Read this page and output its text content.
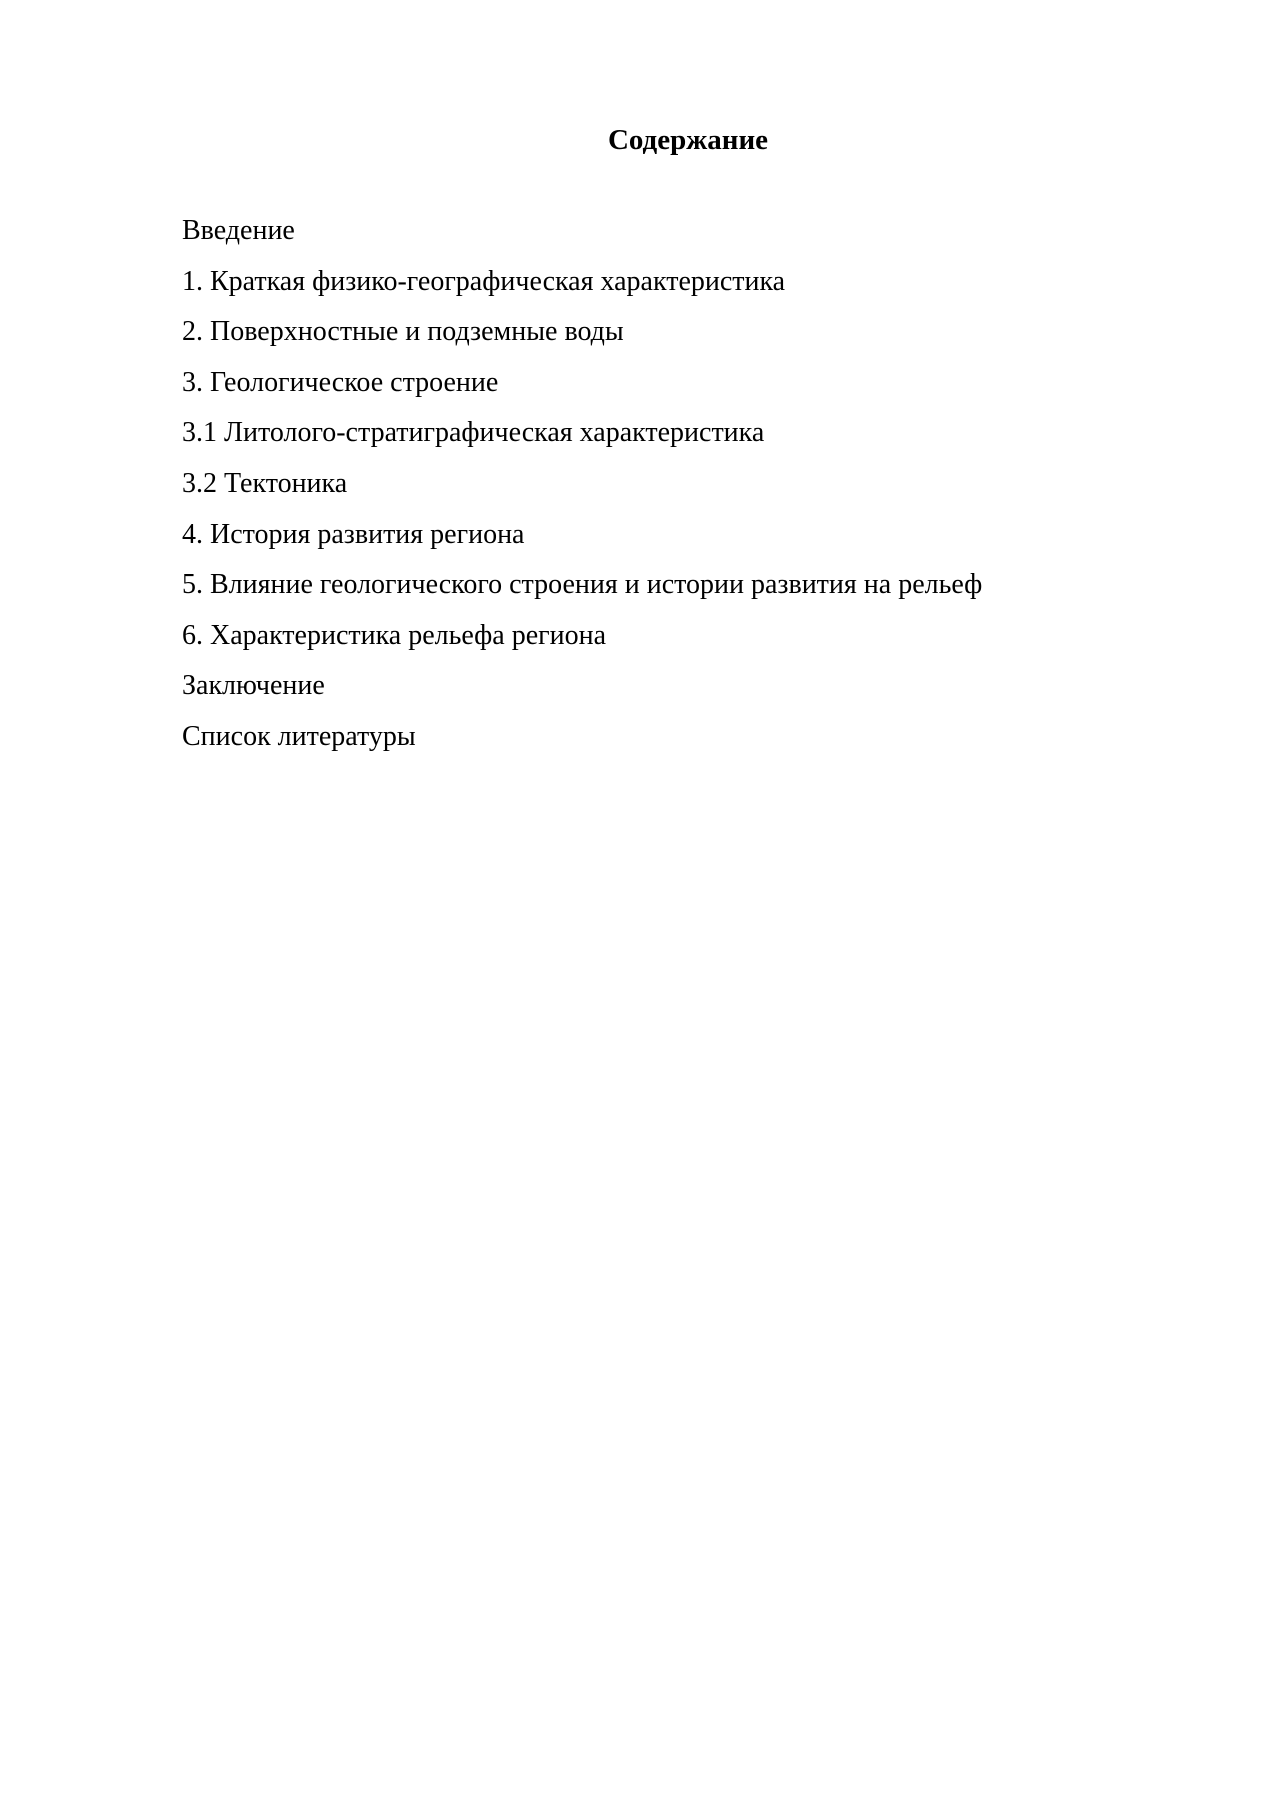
Содержание
Введение
1. Краткая физико-географическая характеристика
2. Поверхностные и подземные воды
3. Геологическое строение
3.1 Литолого-стратиграфическая характеристика
3.2 Тектоника
4. История развития региона
5. Влияние геологического строения и истории развития на рельеф
6. Характеристика рельефа региона
Заключение
Список литературы
